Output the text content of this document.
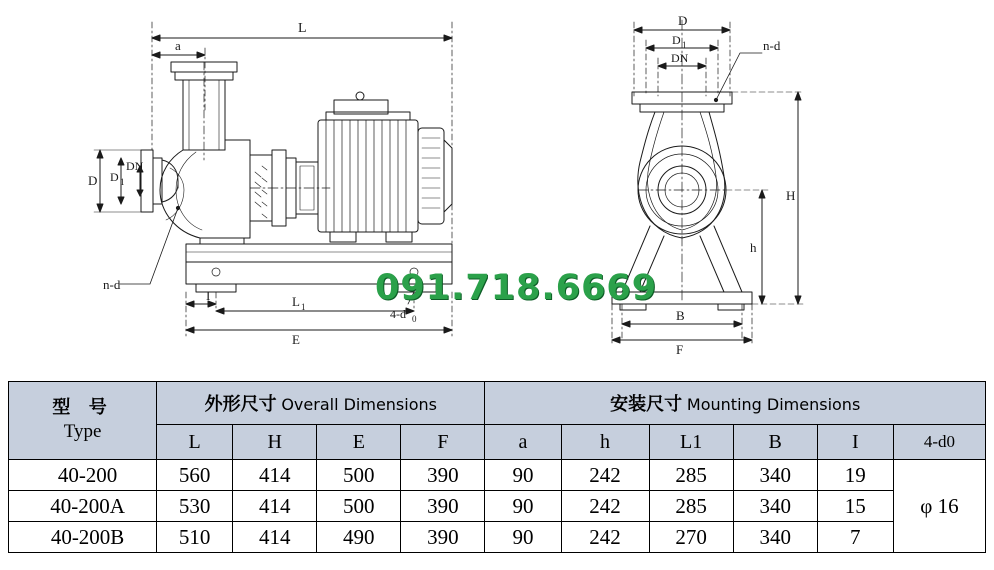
L
a
D D 1
DN
n-d
I	L 1
E
4-d 0
D
D 1
DN
n-d
H
h
B
F
091.718.6669
型 号
Type	外形尺寸 Overall Dimensions				安装尺寸 Mounting Dimensions					
	L	H	E	F	a	h	L1	B	I	4-d0
40-200	560	414	500	390	90	242	285	340	19	φ 16
40-200A	530	414	500	390	90	242	285	340	15	
40-200B	510	414	490	390	90	242	270	340	7	
